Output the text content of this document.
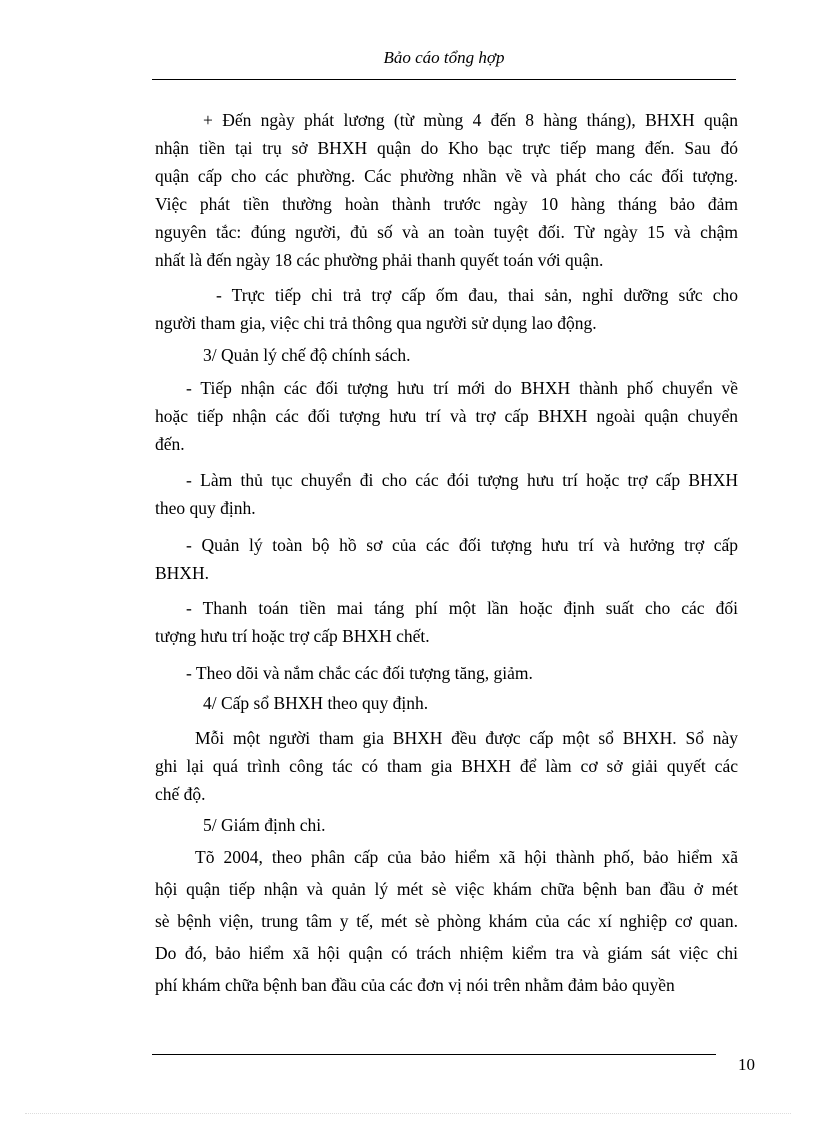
Bảo cáo tổng hợp
+ Đến ngày phát lương (từ mùng 4 đến 8 hàng tháng), BHXH quận
nhận tiền tại trụ sở BHXH quận do Kho bạc trực tiếp mang đến. Sau đó
quận cấp cho các phường. Các phường nhần về và phát cho các đối tượng.
Việc phát tiền thường hoàn thành trước ngày 10 hàng tháng bảo đảm
nguyên tắc: đúng người, đủ số và an toàn tuyệt đối. Từ ngày 15 và chậm
nhất là đến ngày 18 các phường phải thanh quyết toán với quận.
- Trực tiếp chi trả trợ cấp ốm đau, thai sản, nghỉ dưỡng sức cho
người tham gia, việc chi trả thông qua người sử dụng lao động.
3/ Quản lý chế độ chính sách.
- Tiếp nhận các đối tượng hưu trí mới do BHXH thành phố chuyển về
hoặc tiếp nhận các đối tượng hưu trí và trợ cấp BHXH ngoài quận chuyển
đến.
- Làm thủ tục chuyển đi cho các đói tượng hưu trí hoặc trợ cấp BHXH
theo quy định.
- Quản lý toàn bộ hồ sơ của các đối tượng hưu trí và hưởng trợ cấp
BHXH.
- Thanh toán tiền mai táng phí một lần hoặc định suất cho các đối
tượng hưu trí hoặc trợ cấp BHXH chết.
- Theo dõi và nắm chắc các đối tượng tăng, giảm.
4/ Cấp sổ BHXH theo quy định.
Mỗi một người tham gia BHXH đều được cấp một sổ BHXH. Sổ này
ghi lại quá trình công tác có tham gia BHXH để làm cơ sở giải quyết các
chế độ.
5/ Giám định chi.
Tõ 2004, theo phân cấp của bảo hiểm xã hội thành phố, bảo hiểm xã
hội quận tiếp nhận và quản lý mét sè việc khám chữa bệnh ban đầu ở mét
sè bệnh viện, trung tâm y tế, mét sè phòng khám của các xí nghiệp cơ quan.
Do đó, bảo hiểm xã hội quận có trách nhiệm kiểm tra và giám sát việc chi
phí khám chữa bệnh ban đầu của các đơn vị nói trên nhằm đảm bảo quyền
10
